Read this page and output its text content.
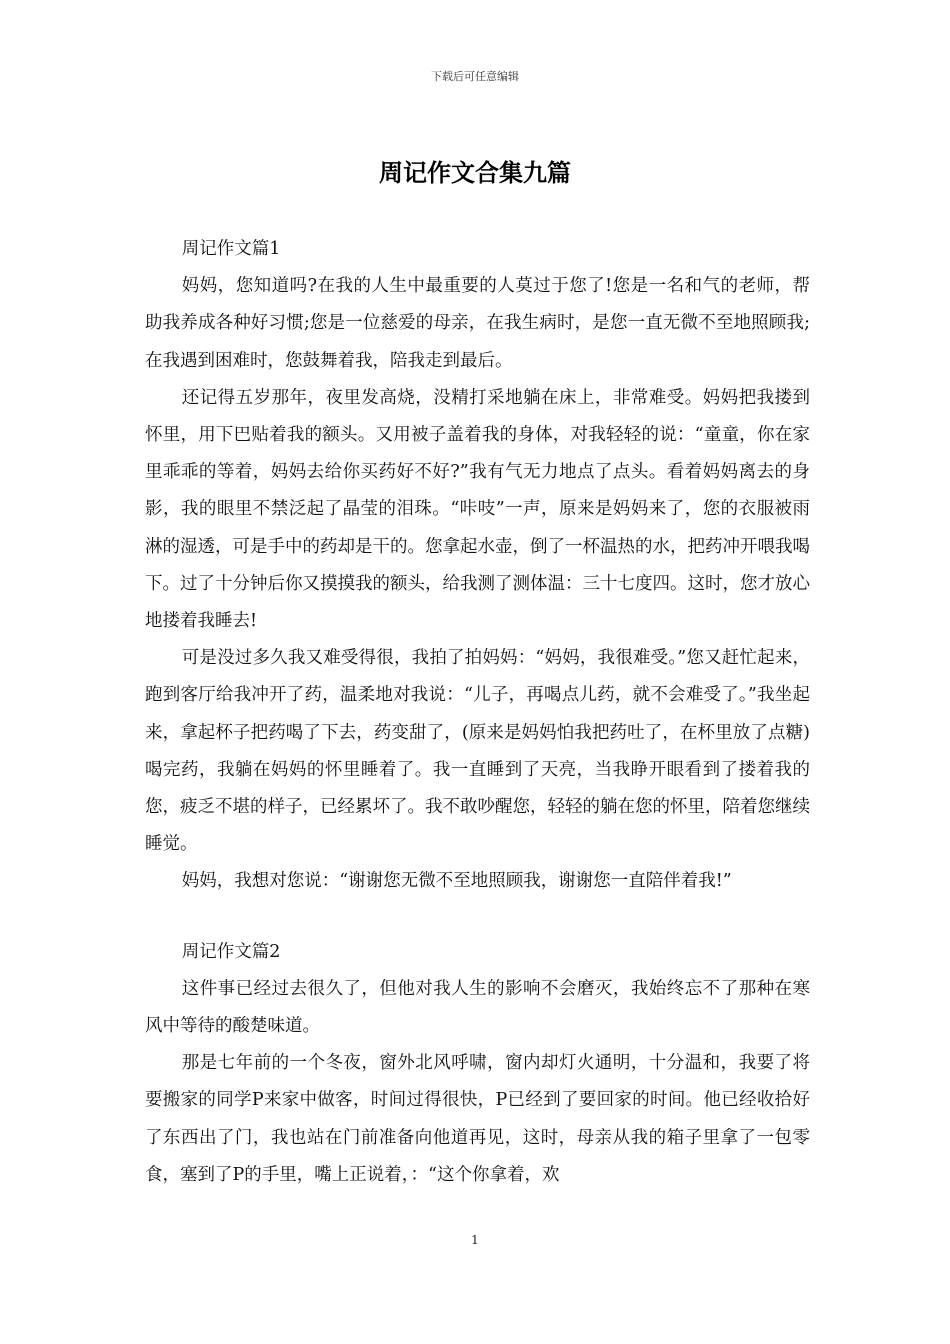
下载后可任意编辑
周记作文合集九篇

周记作文篇1

妈妈，您知道吗?在我的人生中最重要的人莫过于您了!您是一名和气的老师，帮助我养成各种好习惯;您是一位慈爱的母亲，在我生病时，是您一直无微不至地照顾我;在我遇到困难时，您鼓舞着我，陪我走到最后。

还记得五岁那年，夜里发高烧，没精打采地躺在床上，非常难受。妈妈把我搂到怀里，用下巴贴着我的额头。又用被子盖着我的身体，对我轻轻的说：“童童，你在家里乖乖的等着，妈妈去给你买药好不好?”我有气无力地点了点头。看着妈妈离去的身影，我的眼里不禁泛起了晶莹的泪珠。“咔吱”一声，原来是妈妈来了，您的衣服被雨淋的湿透，可是手中的药却是干的。您拿起水壶，倒了一杯温热的水，把药冲开喂我喝下。过了十分钟后你又摸摸我的额头，给我测了测体温：三十七度四。这时，您才放心地搂着我睡去!

可是没过多久我又难受得很，我拍了拍妈妈：“妈妈，我很难受。”您又赶忙起来，跑到客厅给我冲开了药，温柔地对我说：“儿子，再喝点儿药，就不会难受了。”我坐起来，拿起杯子把药喝了下去，药变甜了，(原来是妈妈怕我把药吐了，在杯里放了点糖)喝完药，我躺在妈妈的怀里睡着了。我一直睡到了天亮，当我睁开眼看到了搂着我的您，疲乏不堪的样子，已经累坏了。我不敢吵醒您，轻轻的躺在您的怀里，陪着您继续睡觉。

妈妈，我想对您说：“谢谢您无微不至地照顾我，谢谢您一直陪伴着我!”

周记作文篇2

这件事已经过去很久了，但他对我人生的影响不会磨灭，我始终忘不了那种在寒风中等待的酸楚味道。

那是七年前的一个冬夜，窗外北风呼啸，窗内却灯火通明，十分温和，我要了将要搬家的同学P来家中做客，时间过得很快，P已经到了要回家的时间。他已经收拾好了东西出了门，我也站在门前准备向他道再见，这时，母亲从我的箱子里拿了一包零食，塞到了P的手里，嘴上正说着，：“这个你拿着，欢

1
